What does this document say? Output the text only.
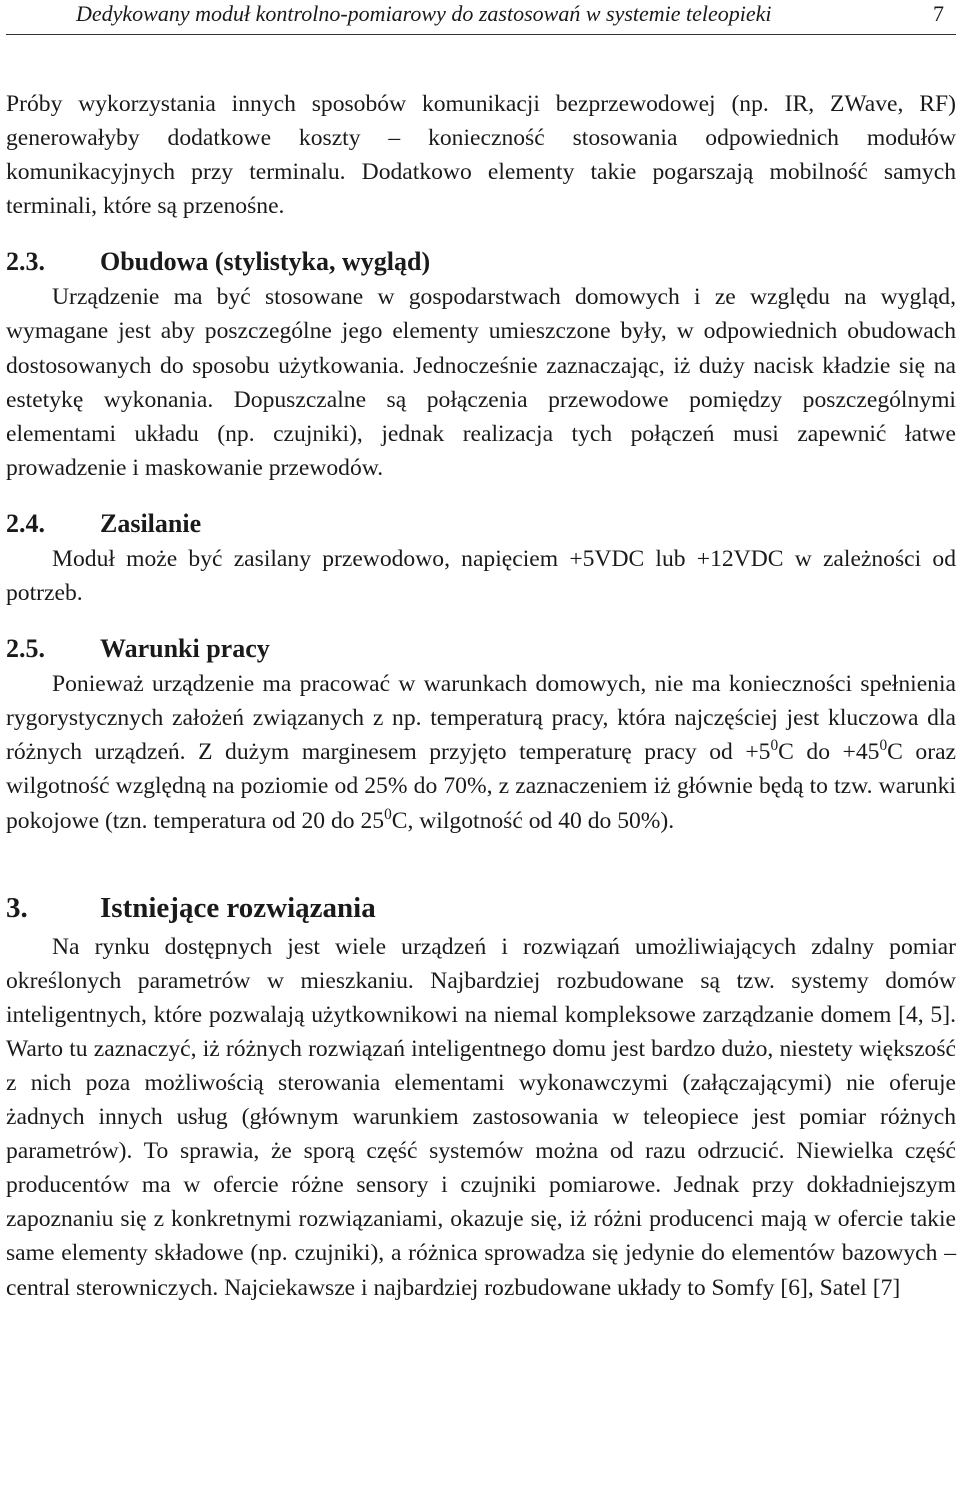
Dedykowany moduł kontrolno-pomiarowy do zastosowań w systemie teleopieki	7

Próby wykorzystania innych sposobów komunikacji bezprzewodowej (np. IR, ZWave, RF) generowałyby dodatkowe koszty – konieczność stosowania odpowiednich modułów komunikacyjnych przy terminalu. Dodatkowo elementy takie pogarszają mobilność samych terminali, które są przenośne.

2.3. Obudowa (stylistyka, wygląd)

Urządzenie ma być stosowane w gospodarstwach domowych i ze względu na wygląd, wymagane jest aby poszczególne jego elementy umieszczone były, w odpowiednich obudowach dostosowanych do sposobu użytkowania. Jednocześnie zaznaczając, iż duży nacisk kładzie się na estetykę wykonania. Dopuszczalne są połączenia przewodowe pomiędzy poszczególnymi elementami układu (np. czujniki), jednak realizacja tych połączeń musi zapewnić łatwe prowadzenie i maskowanie przewodów.

2.4. Zasilanie

Moduł może być zasilany przewodowo, napięciem +5VDC lub +12VDC w zależności od potrzeb.

2.5. Warunki pracy

Ponieważ urządzenie ma pracować w warunkach domowych, nie ma konieczności spełnienia rygorystycznych założeń związanych z np. temperaturą pracy, która najczęściej jest kluczowa dla różnych urządzeń. Z dużym marginesem przyjęto temperaturę pracy od $+5^0C$ do $+45^0C$ oraz wilgotność względną na poziomie od 25% do 70%, z zaznaczeniem iż głównie będą to tzw. warunki pokojowe (tzn. temperatura od 20 do $25^0C$, wilgotność od 40 do 50%).

3. Istniejące rozwiązania

Na rynku dostępnych jest wiele urządzeń i rozwiązań umożliwiających zdalny pomiar określonych parametrów w mieszkaniu. Najbardziej rozbudowane są tzw. systemy domów inteligentnych, które pozwalają użytkownikowi na niemal kompleksowe zarządzanie domem [4, 5]. Warto tu zaznaczyć, iż różnych rozwiązań inteligentnego domu jest bardzo dużo, niestety większość z nich poza możliwością sterowania elementami wykonawczymi (załączającymi) nie oferuje żadnych innych usług (głównym warunkiem zastosowania w teleopiece jest pomiar różnych parametrów). To sprawia, że sporą część systemów można od razu odrzucić. Niewielka część producentów ma w ofercie różne sensory i czujniki pomiarowe. Jednak przy dokładniejszym zapoznaniu się z konkretnymi rozwiązaniami, okazuje się, iż różni producenci mają w ofercie takie same elementy składowe (np. czujniki), a różnica sprowadza się jedynie do elementów bazowych – central sterowniczych. Najciekawsze i najbardziej rozbudowane układy to Somfy [6], Satel [7]
